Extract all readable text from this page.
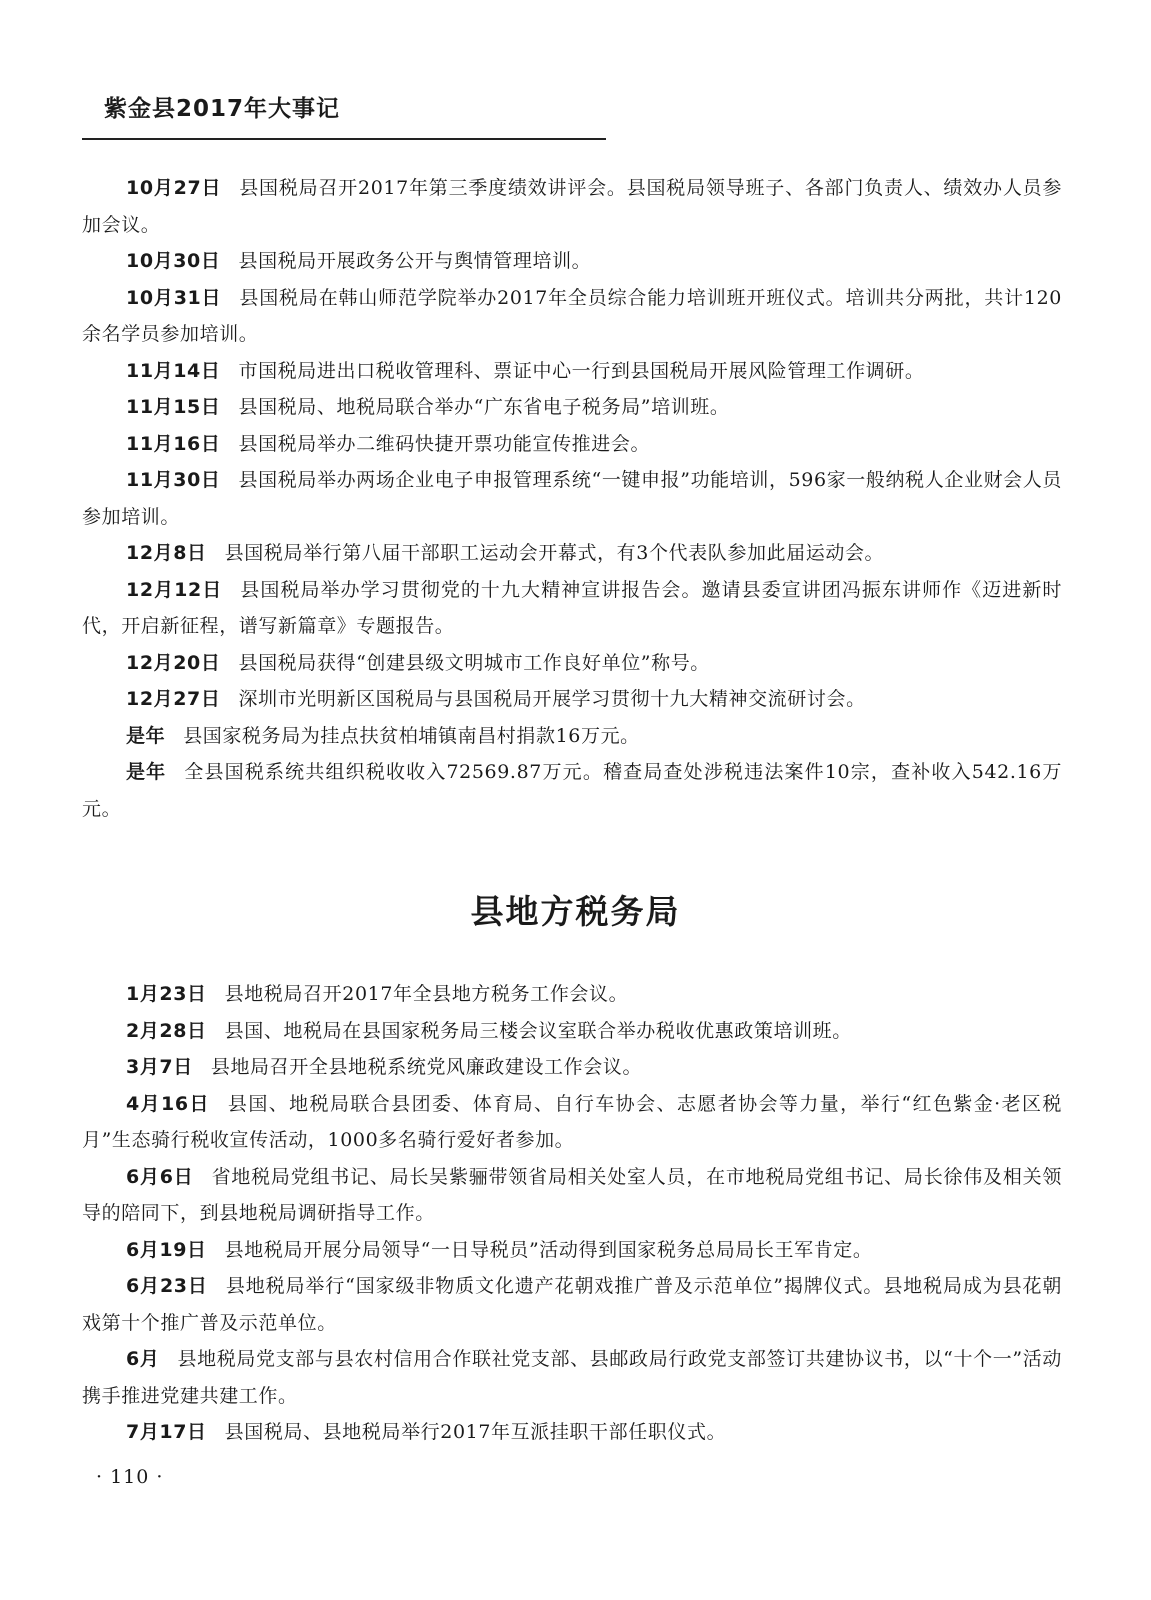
紫金县2017年大事记

10月27日 县国税局召开2017年第三季度绩效讲评会。县国税局领导班子、各部门负责人、绩效办人员参加会议。

10月30日 县国税局开展政务公开与舆情管理培训。

10月31日 县国税局在韩山师范学院举办2017年全员综合能力培训班开班仪式。培训共分两批，共计120余名学员参加培训。

11月14日 市国税局进出口税收管理科、票证中心一行到县国税局开展风险管理工作调研。

11月15日 县国税局、地税局联合举办“广东省电子税务局”培训班。

11月16日 县国税局举办二维码快捷开票功能宣传推进会。

11月30日 县国税局举办两场企业电子申报管理系统“一键申报”功能培训，596家一般纳税人企业财会人员参加培训。

12月8日 县国税局举行第八届干部职工运动会开幕式，有3个代表队参加此届运动会。

12月12日 县国税局举办学习贯彻党的十九大精神宣讲报告会。邀请县委宣讲团冯振东讲师作《迈进新时代，开启新征程，谱写新篇章》专题报告。

12月20日 县国税局获得“创建县级文明城市工作良好单位”称号。

12月27日 深圳市光明新区国税局与县国税局开展学习贯彻十九大精神交流研讨会。

是年 县国家税务局为挂点扶贫柏埔镇南昌村捐款16万元。

是年 全县国税系统共组织税收收入72569.87万元。稽查局查处涉税违法案件10宗，查补收入542.16万元。

县地方税务局

1月23日 县地税局召开2017年全县地方税务工作会议。

2月28日 县国、地税局在县国家税务局三楼会议室联合举办税收优惠政策培训班。

3月7日 县地局召开全县地税系统党风廉政建设工作会议。

4月16日 县国、地税局联合县团委、体育局、自行车协会、志愿者协会等力量，举行“红色紫金·老区税月”生态骑行税收宣传活动，1000多名骑行爱好者参加。

6月6日 省地税局党组书记、局长吴紫骊带领省局相关处室人员，在市地税局党组书记、局长徐伟及相关领导的陪同下，到县地税局调研指导工作。

6月19日 县地税局开展分局领导“一日导税员”活动得到国家税务总局局长王军肯定。

6月23日 县地税局举行“国家级非物质文化遗产花朝戏推广普及示范单位”揭牌仪式。县地税局成为县花朝戏第十个推广普及示范单位。

6月 县地税局党支部与县农村信用合作联社党支部、县邮政局行政党支部签订共建协议书，以“十个一”活动携手推进党建共建工作。

7月17日 县国税局、县地税局举行2017年互派挂职干部任职仪式。

· 110 ·
